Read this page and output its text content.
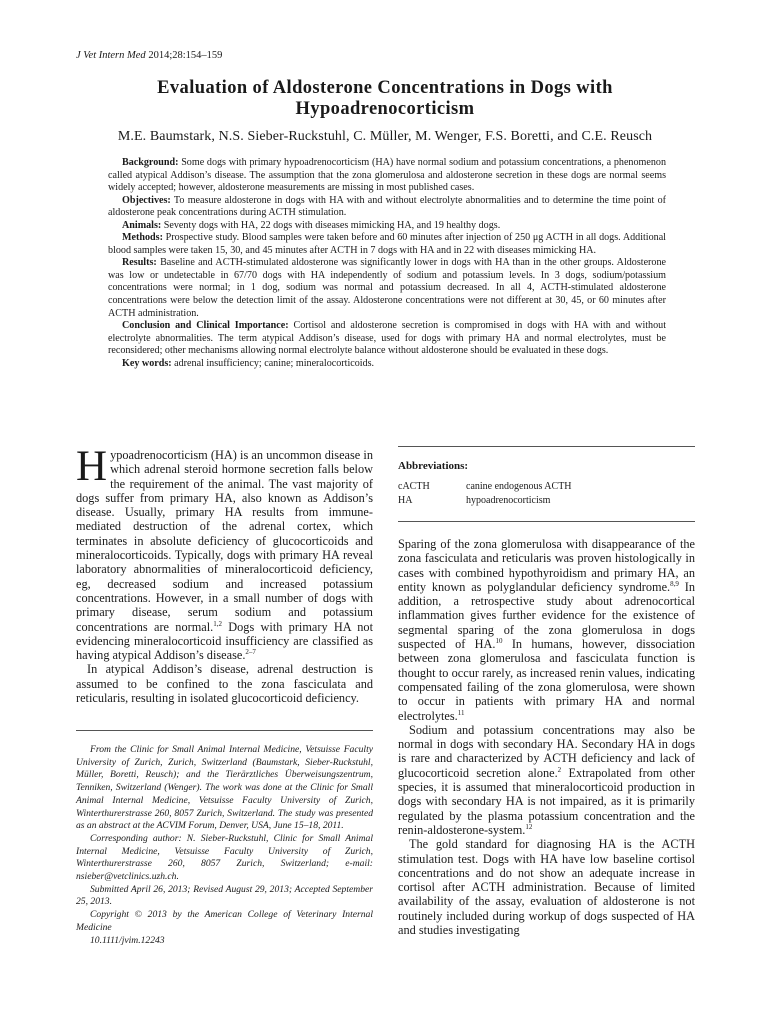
J Vet Intern Med 2014;28:154–159
Evaluation of Aldosterone Concentrations in Dogs with Hypoadrenocorticism
M.E. Baumstark, N.S. Sieber-Ruckstuhl, C. Müller, M. Wenger, F.S. Boretti, and C.E. Reusch

Background: Some dogs with primary hypoadrenocorticism (HA) have normal sodium and potassium concentrations, a phenomenon called atypical Addison’s disease. The assumption that the zona glomerulosa and aldosterone secretion in these dogs are normal seems widely accepted; however, aldosterone measurements are missing in most published cases.

Objectives: To measure aldosterone in dogs with HA with and without electrolyte abnormalities and to determine the time point of aldosterone peak concentrations during ACTH stimulation.

Animals: Seventy dogs with HA, 22 dogs with diseases mimicking HA, and 19 healthy dogs.

Methods: Prospective study. Blood samples were taken before and 60 minutes after injection of 250 μg ACTH in all dogs. Additional blood samples were taken 15, 30, and 45 minutes after ACTH in 7 dogs with HA and in 22 with diseases mimicking HA.

Results: Baseline and ACTH-stimulated aldosterone was significantly lower in dogs with HA than in the other groups. Aldosterone was low or undetectable in 67/70 dogs with HA independently of sodium and potassium levels. In 3 dogs, sodium/potassium concentrations were normal; in 1 dog, sodium was normal and potassium decreased. In all 4, ACTH-stimulated aldosterone concentrations were below the detection limit of the assay. Aldosterone concentrations were not different at 30, 45, or 60 minutes after ACTH administration.

Conclusion and Clinical Importance: Cortisol and aldosterone secretion is compromised in dogs with HA with and without electrolyte abnormalities. The term atypical Addison’s disease, used for dogs with primary HA and normal electrolytes, must be reconsidered; other mechanisms allowing normal electrolyte balance without aldosterone should be evaluated in these dogs.

Key words: adrenal insufficiency; canine; mineralocorticoids.

Hypoadrenocorticism (HA) is an uncommon disease in which adrenal steroid hormone secretion falls below the requirement of the animal. The vast majority of dogs suffer from primary HA, also known as Addison’s disease. Usually, primary HA results from immune-mediated destruction of the adrenal cortex, which terminates in absolute deficiency of glucocorticoids and mineralocorticoids. Typically, dogs with primary HA reveal laboratory abnormalities of mineralocorticoid deficiency, eg, decreased sodium and increased potassium concentrations. However, in a small number of dogs with primary disease, serum sodium and potassium concentrations are normal.$^{1,2}$ Dogs with primary HA not evidencing mineralocorticoid insufficiency are classified as having atypical Addison’s disease.$^{2-7}$

In atypical Addison’s disease, adrenal destruction is assumed to be confined to the zona fasciculata and reticularis, resulting in isolated glucocorticoid deficiency.

From the Clinic for Small Animal Internal Medicine, Vetsuisse Faculty University of Zurich, Zurich, Switzerland (Baumstark, Sieber-Ruckstuhl, Müller, Boretti, Reusch); and the Tierärztliches Überweisungszentrum, Tenniken, Switzerland (Wenger). The work was done at the Clinic for Small Animal Internal Medicine, Vetsuisse Faculty University of Zurich, Winterthurerstrasse 260, 8057 Zurich, Switzerland. The study was presented as an abstract at the ACVIM Forum, Denver, USA, June 15–18, 2011.

Corresponding author: N. Sieber-Ruckstuhl, Clinic for Small Animal Internal Medicine, Vetsuisse Faculty University of Zurich, Winterthurerstrasse 260, 8057 Zurich, Switzerland; e-mail: nsieber@vetclinics.uzh.ch.

Submitted April 26, 2013; Revised August 29, 2013; Accepted September 25, 2013.

Copyright © 2013 by the American College of Veterinary Internal Medicine

10.1111/jvim.12243

Abbreviations:
cACTH	canine endogenous ACTH
HA	hypoadrenocorticism

Sparing of the zona glomerulosa with disappearance of the zona fasciculata and reticularis was proven histologically in cases with combined hypothyroidism and primary HA, an entity known as polyglandular deficiency syndrome.$^{8,9}$ In addition, a retrospective study about adrenocortical inflammation gives further evidence for the existence of segmental sparing of the zona glomerulosa in dogs suspected of HA.$^{10}$ In humans, however, dissociation between zona glomerulosa and fasciculata function is thought to occur rarely, as increased renin values, indicating compensated failing of the zona glomerulosa, were shown to occur in patients with primary HA and normal electrolytes.$^{11}$

Sodium and potassium concentrations may also be normal in dogs with secondary HA. Secondary HA in dogs is rare and characterized by ACTH deficiency and lack of glucocorticoid secretion alone.$^2$ Extrapolated from other species, it is assumed that mineralocorticoid production in dogs with secondary HA is not impaired, as it is primarily regulated by the plasma potassium concentration and the renin-aldosterone-system.$^{12}$

The gold standard for diagnosing HA is the ACTH stimulation test. Dogs with HA have low baseline cortisol concentrations and do not show an adequate increase in cortisol after ACTH administration. Because of limited availability of the assay, evaluation of aldosterone is not routinely included during workup of dogs suspected of HA and studies investigating
